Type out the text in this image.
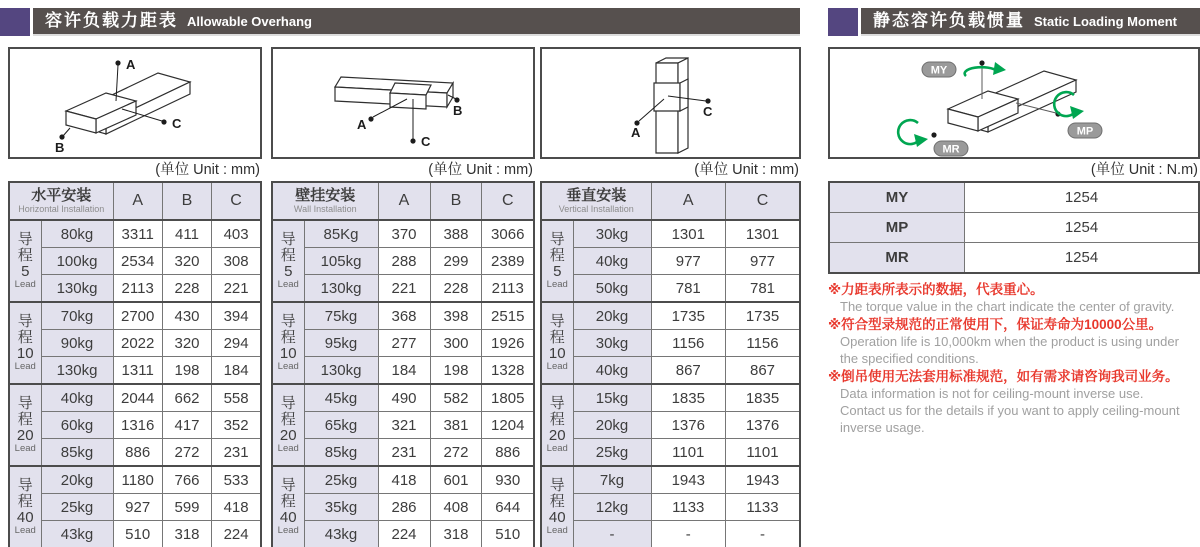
容许负载力距表 Allowable Overhang	静态容许负载惯量 Static Loading Moment
A
C
B
(单位 Unit : mm)
水平安装
Horizontal Installation		A	B	C

导
程
5
Lead	80kg	3311	411	403
	100kg	2534	320	308
	130kg	2113	228	221

导
程
10
Lead	70kg	2700	430	394
	90kg	2022	320	294
	130kg	1311	198	184

导
程
20
Lead	40kg	2044	662	558
	60kg	1316	417	352
	85kg	886	272	231

导
程
40
Lead	20kg	1180	766	533
	25kg	927	599	418
	43kg	510	318	224
A
C
B
(单位 Unit : mm)
壁挂安装
Wall Installation		A	B	C

导
程
5
Lead	85Kg	370	388	3066
	105kg	288	299	2389
	130kg	221	228	2113

导
程
10
Lead	75kg	368	398	2515
	95kg	277	300	1926
	130kg	184	198	1328

导
程
20
Lead	45kg	490	582	1805
	65kg	321	381	1204
	85kg	231	272	886

导
程
40
Lead	25kg	418	601	930
	35kg	286	408	644
	43kg	224	318	510
A
C
(单位 Unit : mm)
垂直安装
Vertical Installation		A	C

导
程
5
Lead	30kg	1301	1301
	40kg	977	977
	50kg	781	781

导
程
10
Lead	20kg	1735	1735
	30kg	1156	1156
	40kg	867	867

导
程
20
Lead	15kg	1835	1835
	20kg	1376	1376
	25kg	1101	1101

导
程
40
Lead	7kg	1943	1943
	12kg	1133	1133
	-	-	-
MY
MP
MR
(单位 Unit : N.m)
MY	1254
MP	1254
MR	1254
※力距表所表示的数据，代表重心。
The torque value in the chart indicate the center of gravity.
※符合型录规范的正常使用下，保证寿命为10000公里。
Operation life is 10,000km when the product is using under the specified conditions.
※倒吊使用无法套用标准规范，如有需求请咨询我司业务。
Data information is not for ceiling-mount inverse use.
Contact us for the details if you want to apply ceiling-mount inverse usage.
